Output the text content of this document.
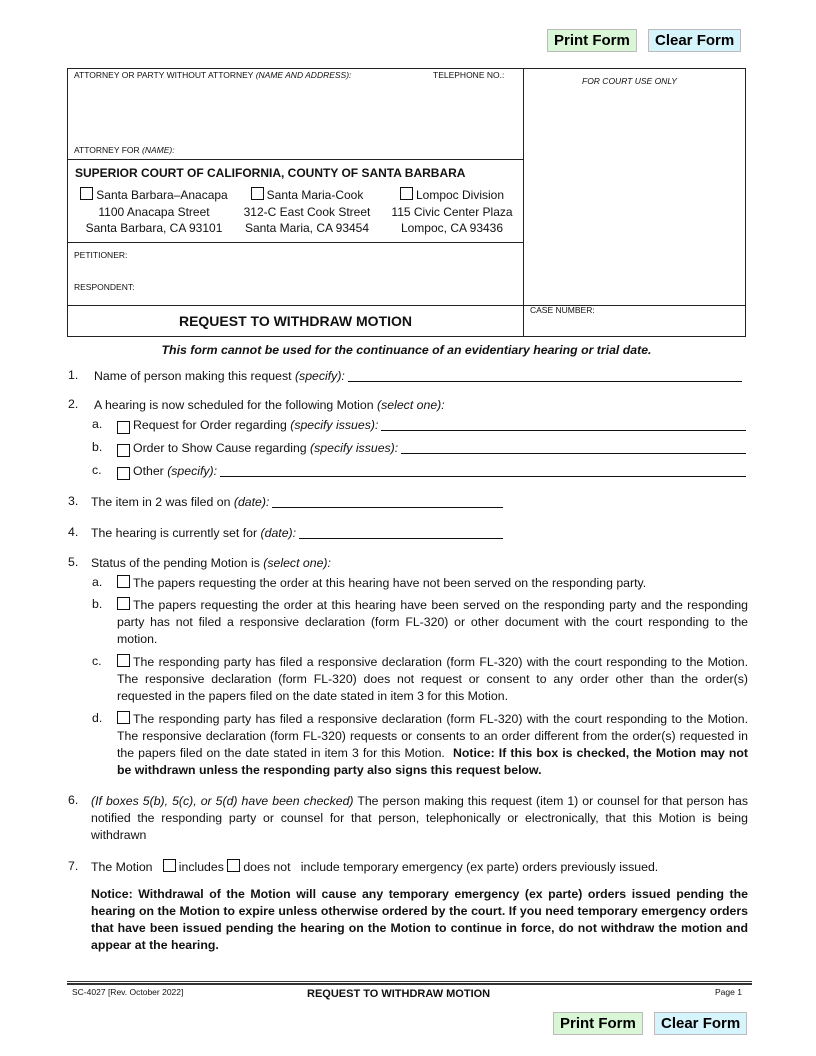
Print Form	Clear Form
ATTORNEY OR PARTY WITHOUT ATTORNEY (NAME AND ADDRESS):	TELEPHONE NO.:
ATTORNEY FOR (NAME):
FOR COURT USE ONLY
SUPERIOR COURT OF CALIFORNIA, COUNTY OF SANTA BARBARA
Santa Barbara–Anacapa
1100 Anacapa Street
Santa Barbara, CA 93101
Santa Maria-Cook
312-C East Cook Street
Santa Maria, CA 93454
Lompoc Division
115 Civic Center Plaza
Lompoc, CA 93436
PETITIONER:
RESPONDENT:
REQUEST TO WITHDRAW MOTION
CASE NUMBER:
This form cannot be used for the continuance of an evidentiary hearing or trial date.
1. Name of person making this request
(specify):
2. A hearing is now scheduled for the following Motion (select one):
a. Request for Order regarding
(specify issues):
b. Order to Show Cause regarding
(specify issues):
c.	Other
(specify):
3. The item in 2 was filed on
(date):
4. The hearing is currently set for
(date):
5. Status of the pending Motion is (select one):
a.	The papers requesting the order at this hearing have not been served on the responding party.
b.	The papers requesting the order at this hearing have been served on the responding party and the responding party has not filed a responsive declaration (form FL-320) or other document with the court responding to the motion.
c.	The responding party has filed a responsive declaration (form FL-320) with the court responding to the Motion. The responsive declaration (form FL-320) does not request or consent to any order other than the order(s) requested in the papers filed on the date stated in item 3 for this Motion.
d.	The responding party has filed a responsive declaration (form FL-320) with the court responding to the Motion. The responsive declaration (form FL-320) requests or consents to an order different from the order(s) requested in the papers filed on the date stated in item 3 for this Motion. Notice: If this box is checked, the Motion may not be withdrawn unless the responding party also signs this request below.
6. (If boxes 5(b), 5(c), or 5(d) have been checked) The person making this request (item 1) or counsel for that person has notified the responding party or counsel for that person, telephonically or electronically, that this Motion is being withdrawn
7. The Motion includes does not include temporary emergency (ex parte) orders previously issued.
Notice: Withdrawal of the Motion will cause any temporary emergency (ex parte) orders issued pending the hearing on the Motion to expire unless otherwise ordered by the court. If you need temporary emergency orders that have been issued pending the hearing on the Motion to continue in force, do not withdraw the motion and appear at the hearing.
SC-4027 [Rev. October 2022]	REQUEST TO WITHDRAW MOTION	Page 1
Print Form	Clear Form
